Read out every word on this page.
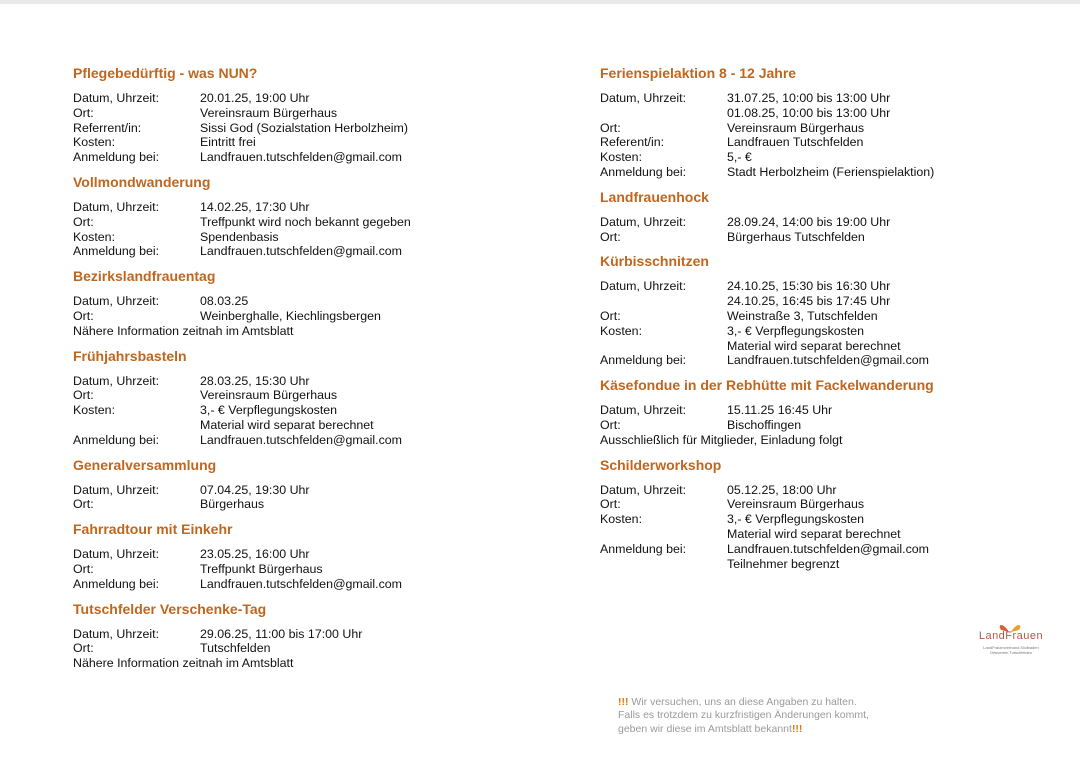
Pflegebedürftig - was NUN?
Datum, Uhrzeit:	20.01.25, 19:00 Uhr
Ort:	Vereinsraum Bürgerhaus
Referrent/in:	Sissi God (Sozialstation Herbolzheim)
Kosten:	Eintritt frei
Anmeldung bei:	Landfrauen.tutschfelden@gmail.com
Vollmondwanderung
Datum, Uhrzeit:	14.02.25, 17:30 Uhr
Ort:	Treffpunkt wird noch bekannt gegeben
Kosten:	Spendenbasis
Anmeldung bei:	Landfrauen.tutschfelden@gmail.com
Bezirkslandfrauentag
Datum, Uhrzeit:	08.03.25
Ort:	Weinberghalle, Kiechlingsbergen
Nähere Information zeitnah im Amtsblatt
Frühjahrsbasteln
Datum, Uhrzeit:	28.03.25, 15:30 Uhr
Ort:	Vereinsraum Bürgerhaus
Kosten:	3,- € Verpflegungskosten
Material wird separat berechnet
Anmeldung bei:	Landfrauen.tutschfelden@gmail.com
Generalversammlung
Datum, Uhrzeit:	07.04.25, 19:30 Uhr
Ort:	Bürgerhaus
Fahrradtour mit Einkehr
Datum, Uhrzeit:	23.05.25, 16:00 Uhr
Ort:	Treffpunkt Bürgerhaus
Anmeldung bei:	Landfrauen.tutschfelden@gmail.com
Tutschfelder Verschenke-Tag
Datum, Uhrzeit:	29.06.25, 11:00 bis 17:00 Uhr
Ort:	Tutschfelden
Nähere Information zeitnah im Amtsblatt
Ferienspielaktion 8 - 12 Jahre
Datum, Uhrzeit:	31.07.25, 10:00 bis 13:00 Uhr
01.08.25, 10:00 bis 13:00 Uhr
Ort:	Vereinsraum Bürgerhaus
Referent/in:	Landfrauen Tutschfelden
Kosten:	5,- €
Anmeldung bei:	Stadt Herbolzheim (Ferienspielaktion)
Landfrauenhock
Datum, Uhrzeit:	28.09.24, 14:00 bis 19:00 Uhr
Ort:	Bürgerhaus Tutschfelden
Kürbisschnitzen
Datum, Uhrzeit:	24.10.25, 15:30 bis 16:30 Uhr
24.10.25, 16:45 bis 17:45 Uhr
Ort:	Weinstraße 3, Tutschfelden
Kosten:	3,- € Verpflegungskosten
Material wird separat berechnet
Anmeldung bei:	Landfrauen.tutschfelden@gmail.com
Käsefondue in der Rebhütte mit Fackelwanderung
Datum, Uhrzeit:	15.11.25 16:45 Uhr
Ort:	Bischoffingen
Ausschließlich für Mitglieder, Einladung folgt
Schilderworkshop
Datum, Uhrzeit:	05.12.25, 18:00 Uhr
Ort:	Vereinsraum Bürgerhaus
Kosten:	3,- € Verpflegungskosten
Material wird separat berechnet
Anmeldung bei:	Landfrauen.tutschfelden@gmail.com
Teilnehmer begrenzt
LandFrauen
LandFrauenverband Südbaden
Ortsverein Tutschfelden
!!! Wir versuchen, uns an diese Angaben zu halten.
Falls es trotzdem zu kurzfristigen Änderungen kommt,
geben wir diese im Amtsblatt bekannt!!!
